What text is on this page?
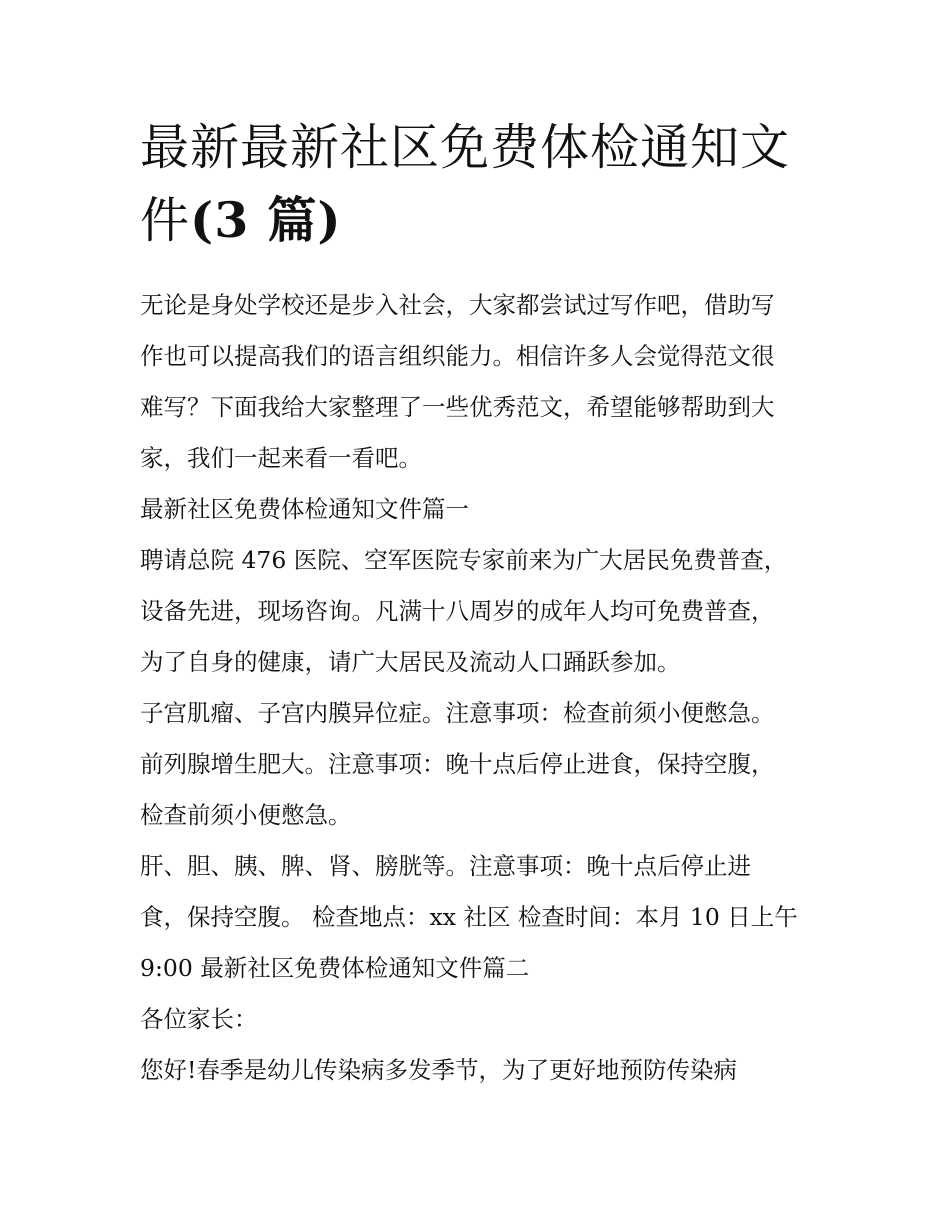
最新最新社区免费体检通知文
件(3 篇)
无论是身处学校还是步入社会，大家都尝试过写作吧，借助写
作也可以提高我们的语言组织能力。相信许多人会觉得范文很
难写？下面我给大家整理了一些优秀范文，希望能够帮助到大
家，我们一起来看一看吧。
最新社区免费体检通知文件篇一
聘请总院 476 医院、空军医院专家前来为广大居民免费普查，
设备先进，现场咨询。凡满十八周岁的成年人均可免费普查，
为了自身的健康，请广大居民及流动人口踊跃参加。
子宫肌瘤、子宫内膜异位症。注意事项：检查前须小便憋急。
前列腺增生肥大。注意事项：晚十点后停止进食，保持空腹，
检查前须小便憋急。
肝、胆、胰、脾、肾、膀胱等。注意事项：晚十点后停止进
食，保持空腹。 检查地点：xx 社区 检查时间：本月 10 日上午
9:00 最新社区免费体检通知文件篇二
各位家长：
您好!春季是幼儿传染病多发季节，为了更好地预防传染病
